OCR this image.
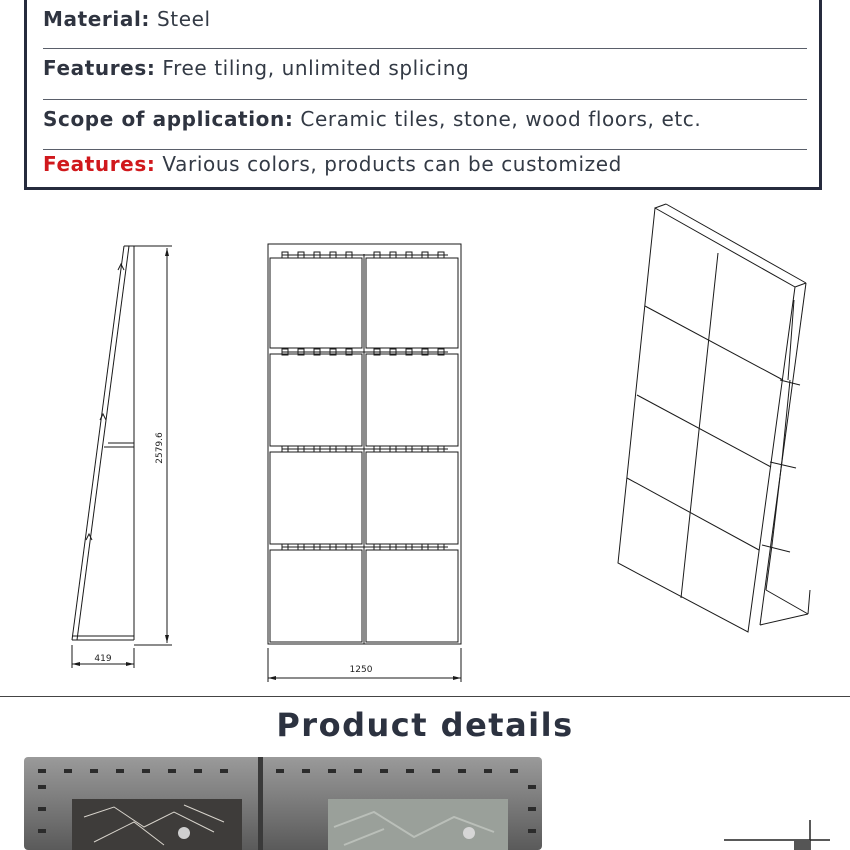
Material: Steel
Features: Free tiling, unlimited splicing
Scope of application: Ceramic tiles, stone, wood floors, etc.
Features: Various colors, products can be customized
2579.6
419
1250
Product details
